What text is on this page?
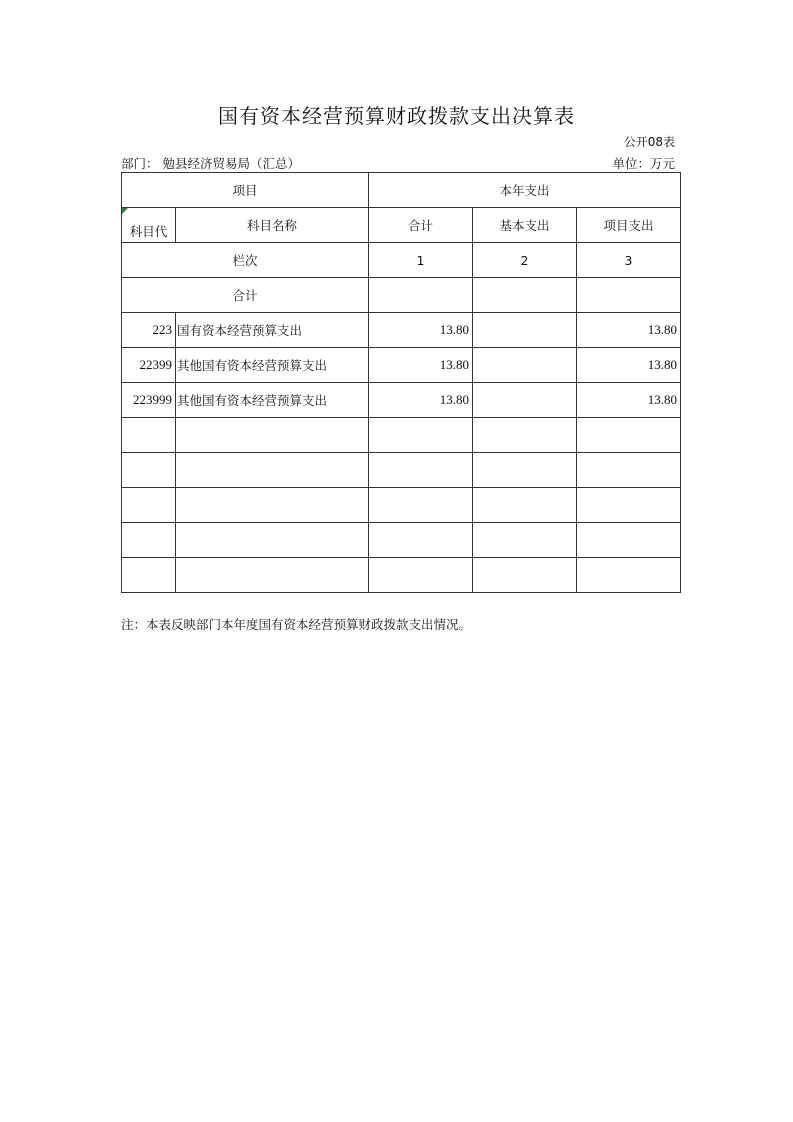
国有资本经营预算财政拨款支出决算表
公开08表
部门： 勉县经济贸易局（汇总）	单位：万元
项目		本年支出		

科目代	科目名称	合计	基本支出	项目支出
栏次		1	2	3
合计				
223	国有资本经营预算支出	13.80		13.80
22399	其他国有资本经营预算支出	13.80		13.80
223999	其他国有资本经营预算支出	13.80		13.80

注：本表反映部门本年度国有资本经营预算财政拨款支出情况。
